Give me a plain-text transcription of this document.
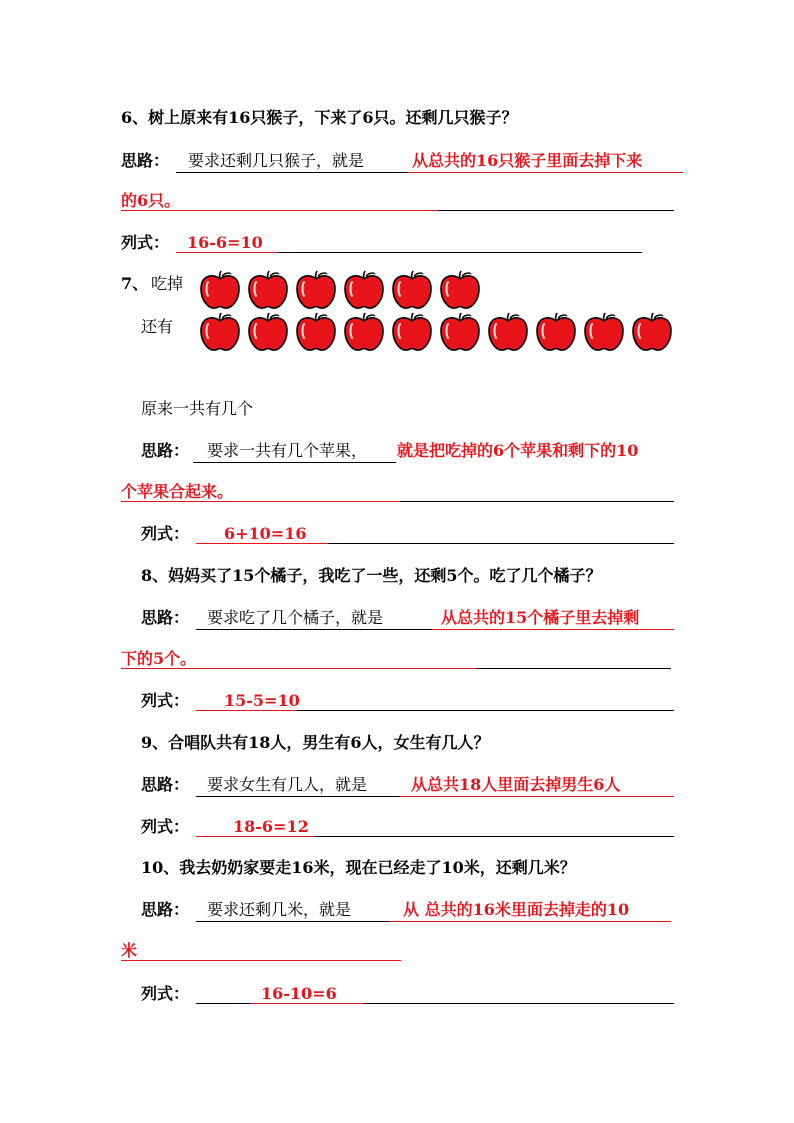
6、树上原来有16只猴子，下来了6只。还剩几只猴子？
思路： 要求还剩几只猴子，就是	从总共的16只猴子里面去掉下来
的6只。
列式： 16-6=10
7、 吃掉
还有
原来一共有几个
思路： 要求一共有几个苹果， 就是把吃掉的6个苹果和剩下的10
个苹果合起来。
列式： 6+10=16
8、妈妈买了15个橘子，我吃了一些，还剩5个。吃了几个橘子？
思路： 要求吃了几个橘子，就是	从总共的15个橘子里去掉剩
下的5个。
列式： 15-5=10
9、合唱队共有18人，男生有6人，女生有几人？
思路： 要求女生有几人，就是	从总共18人里面去掉男生6人
列式：	18-6=12
10、我去奶奶家要走16米，现在已经走了10米，还剩几米？
思路： 要求还剩几米，就是	从 总共的16米里面去掉走的10
米
列式：	16-10=6
